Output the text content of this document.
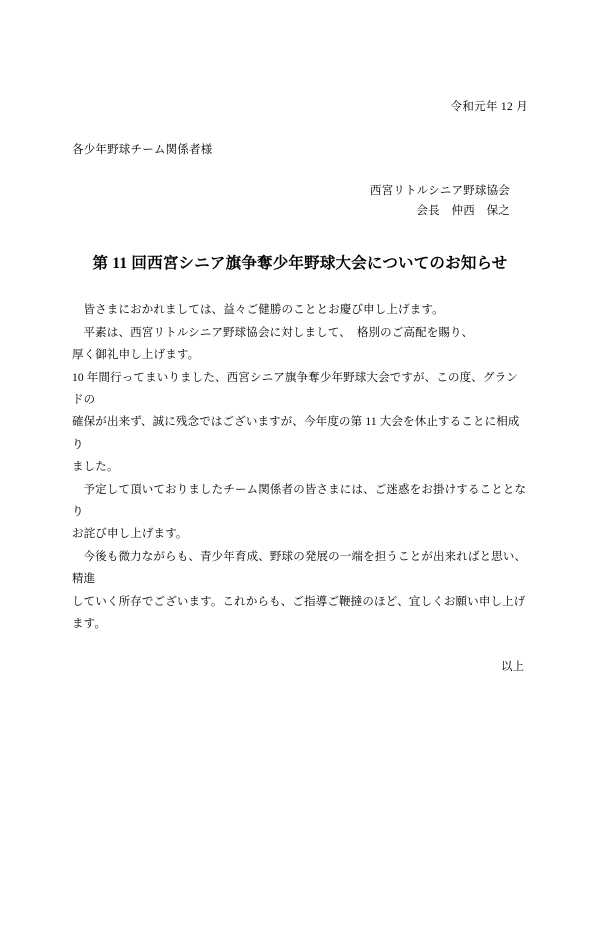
令和元年 12 月
各少年野球チーム関係者様
西宮リトルシニア野球協会
会長　仲西　保之
第 11 回西宮シニア旗争奪少年野球大会についてのお知らせ

皆さまにおかれましては、益々ご健勝のこととお慶び申し上げます。

平素は、西宮リトルシニア野球協会に対しまして、　格別のご高配を賜り、

厚く御礼申し上げます。

10 年間行ってまいりました、西宮シニア旗争奪少年野球大会ですが、この度、グランドの

確保が出来ず、誠に残念ではございますが、今年度の第 11 大会を休止することに相成り

ました。

予定して頂いておりましたチーム関係者の皆さまには、ご迷惑をお掛けすることとなり

お詫び申し上げます。

今後も微力ながらも、青少年育成、野球の発展の一端を担うことが出来ればと思い、精進

していく所存でございます。これからも、ご指導ご鞭撻のほど、宜しくお願い申し上げます。

以上
